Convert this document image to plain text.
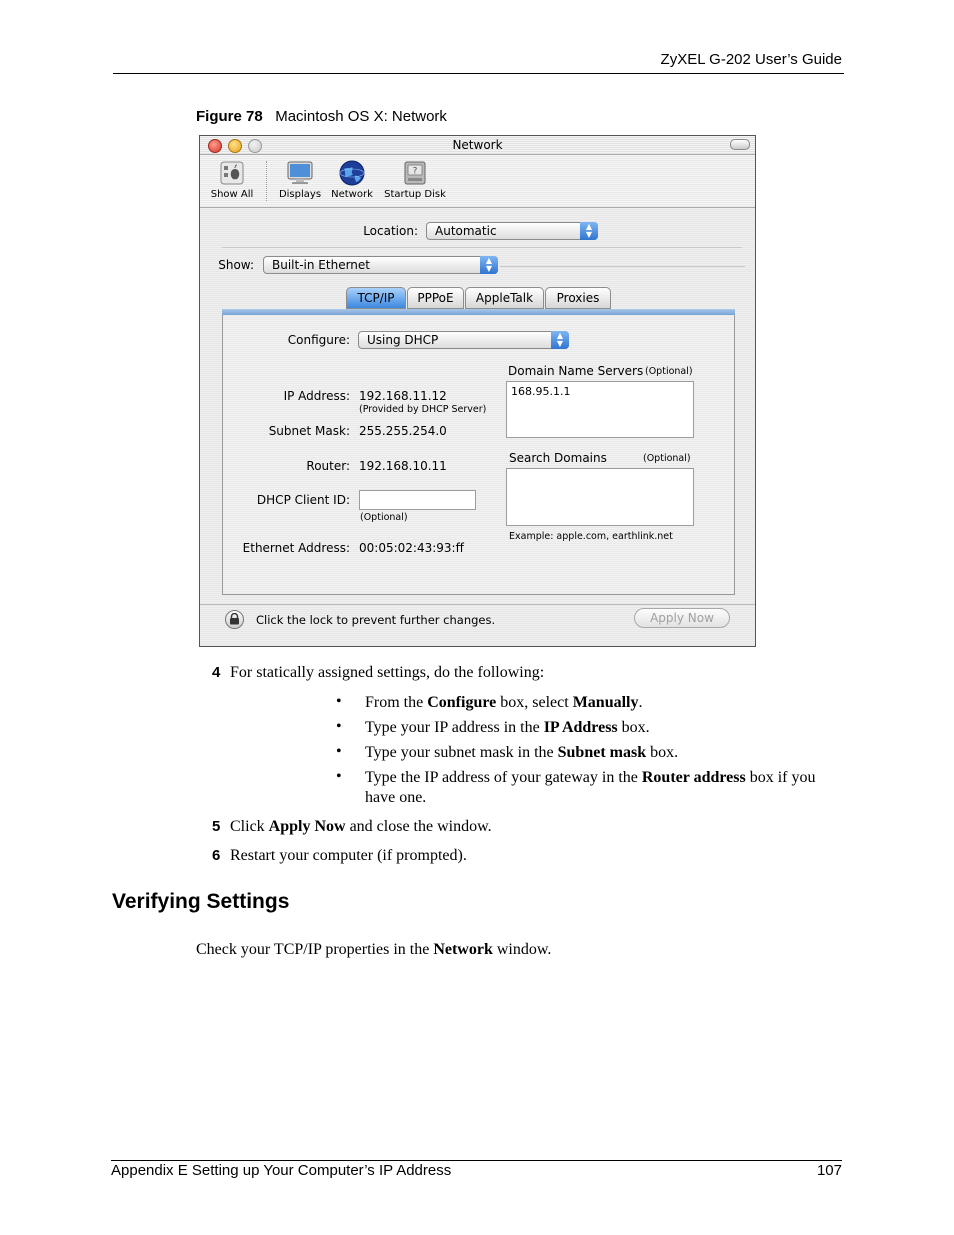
ZyXEL G-202 User’s Guide
Figure 78 Macintosh OS X: Network
Network
Show All	Displays	Network
?
Startup Disk
Location: Automatic	▲
▼
Show: Built-in Ethernet	▲
▼
TCP/IP	PPPoE	AppleTalk	Proxies
Configure: Using DHCP	▲
▼
Domain Name Servers (Optional)
168.95.1.1
IP Address: 192.168.11.12
(Provided by DHCP Server)
Subnet Mask: 255.255.254.0
Search Domains	(Optional)
Router: 192.168.10.11
DHCP Client ID:
(Optional)
Example: apple.com, earthlink.net
Ethernet Address: 00:05:02:43:93:ff
Click the lock to prevent further changes.	Apply Now
4 For statically assigned settings, do the following:
• From the Configure box, select Manually.
• Type your IP address in the IP Address box.
• Type your subnet mask in the Subnet mask box.
• Type the IP address of your gateway in the Router address box if you have one.
5 Click Apply Now and close the window.
6 Restart your computer (if prompted).
Verifying Settings
Check your TCP/IP properties in the Network window.
Appendix E Setting up Your Computer’s IP Address	107
